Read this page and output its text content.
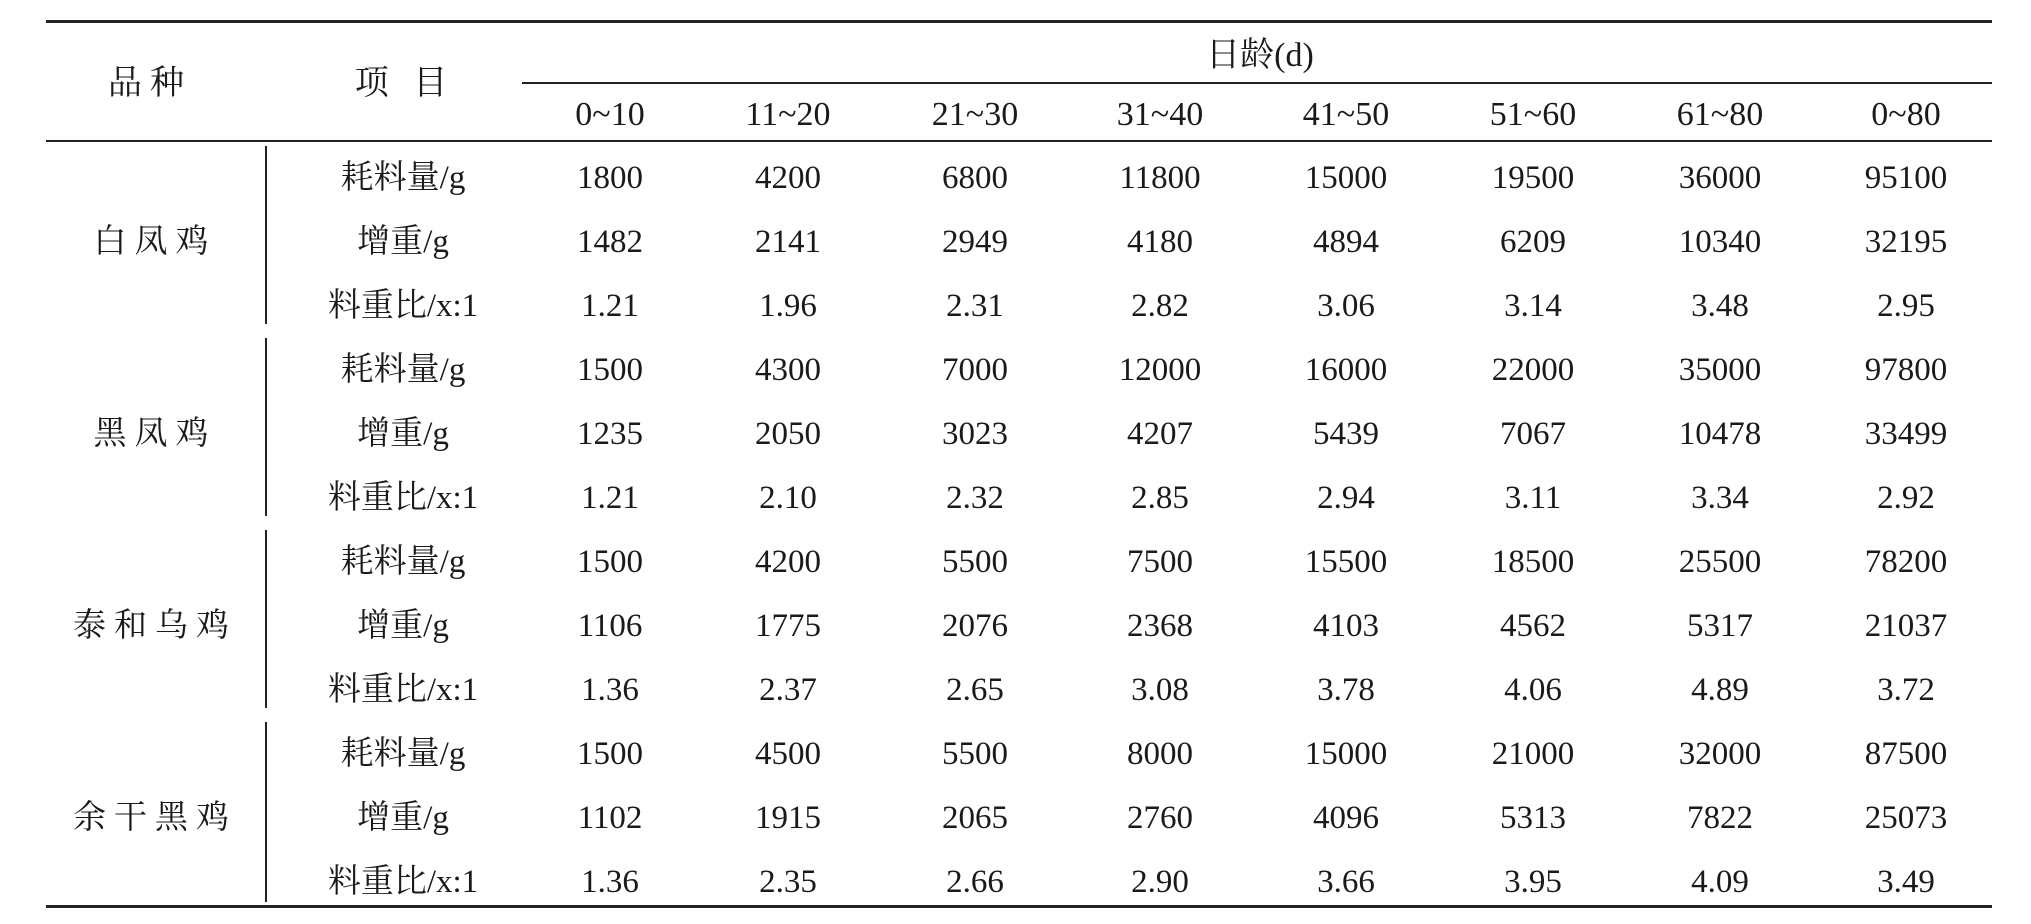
品种	项 目
日龄(d)
0~10	11~20	21~30	31~40	41~50	51~60	61~80	0~80
白凤鸡
耗料量/g	1800	4200	6800	11800	15000	19500	36000	95100
增重/g	1482	2141	2949	4180	4894	6209	10340	32195
料重比/x:1	1.21	1.96	2.31	2.82	3.06	3.14	3.48	2.95
黑凤鸡
耗料量/g	1500	4300	7000	12000	16000	22000	35000	97800
增重/g	1235	2050	3023	4207	5439	7067	10478	33499
料重比/x:1	1.21	2.10	2.32	2.85	2.94	3.11	3.34	2.92
泰和乌鸡
耗料量/g	1500	4200	5500	7500	15500	18500	25500	78200
增重/g	1106	1775	2076	2368	4103	4562	5317	21037
料重比/x:1	1.36	2.37	2.65	3.08	3.78	4.06	4.89	3.72
余干黑鸡
耗料量/g	1500	4500	5500	8000	15000	21000	32000	87500
增重/g	1102	1915	2065	2760	4096	5313	7822	25073
料重比/x:1	1.36	2.35	2.66	2.90	3.66	3.95	4.09	3.49
